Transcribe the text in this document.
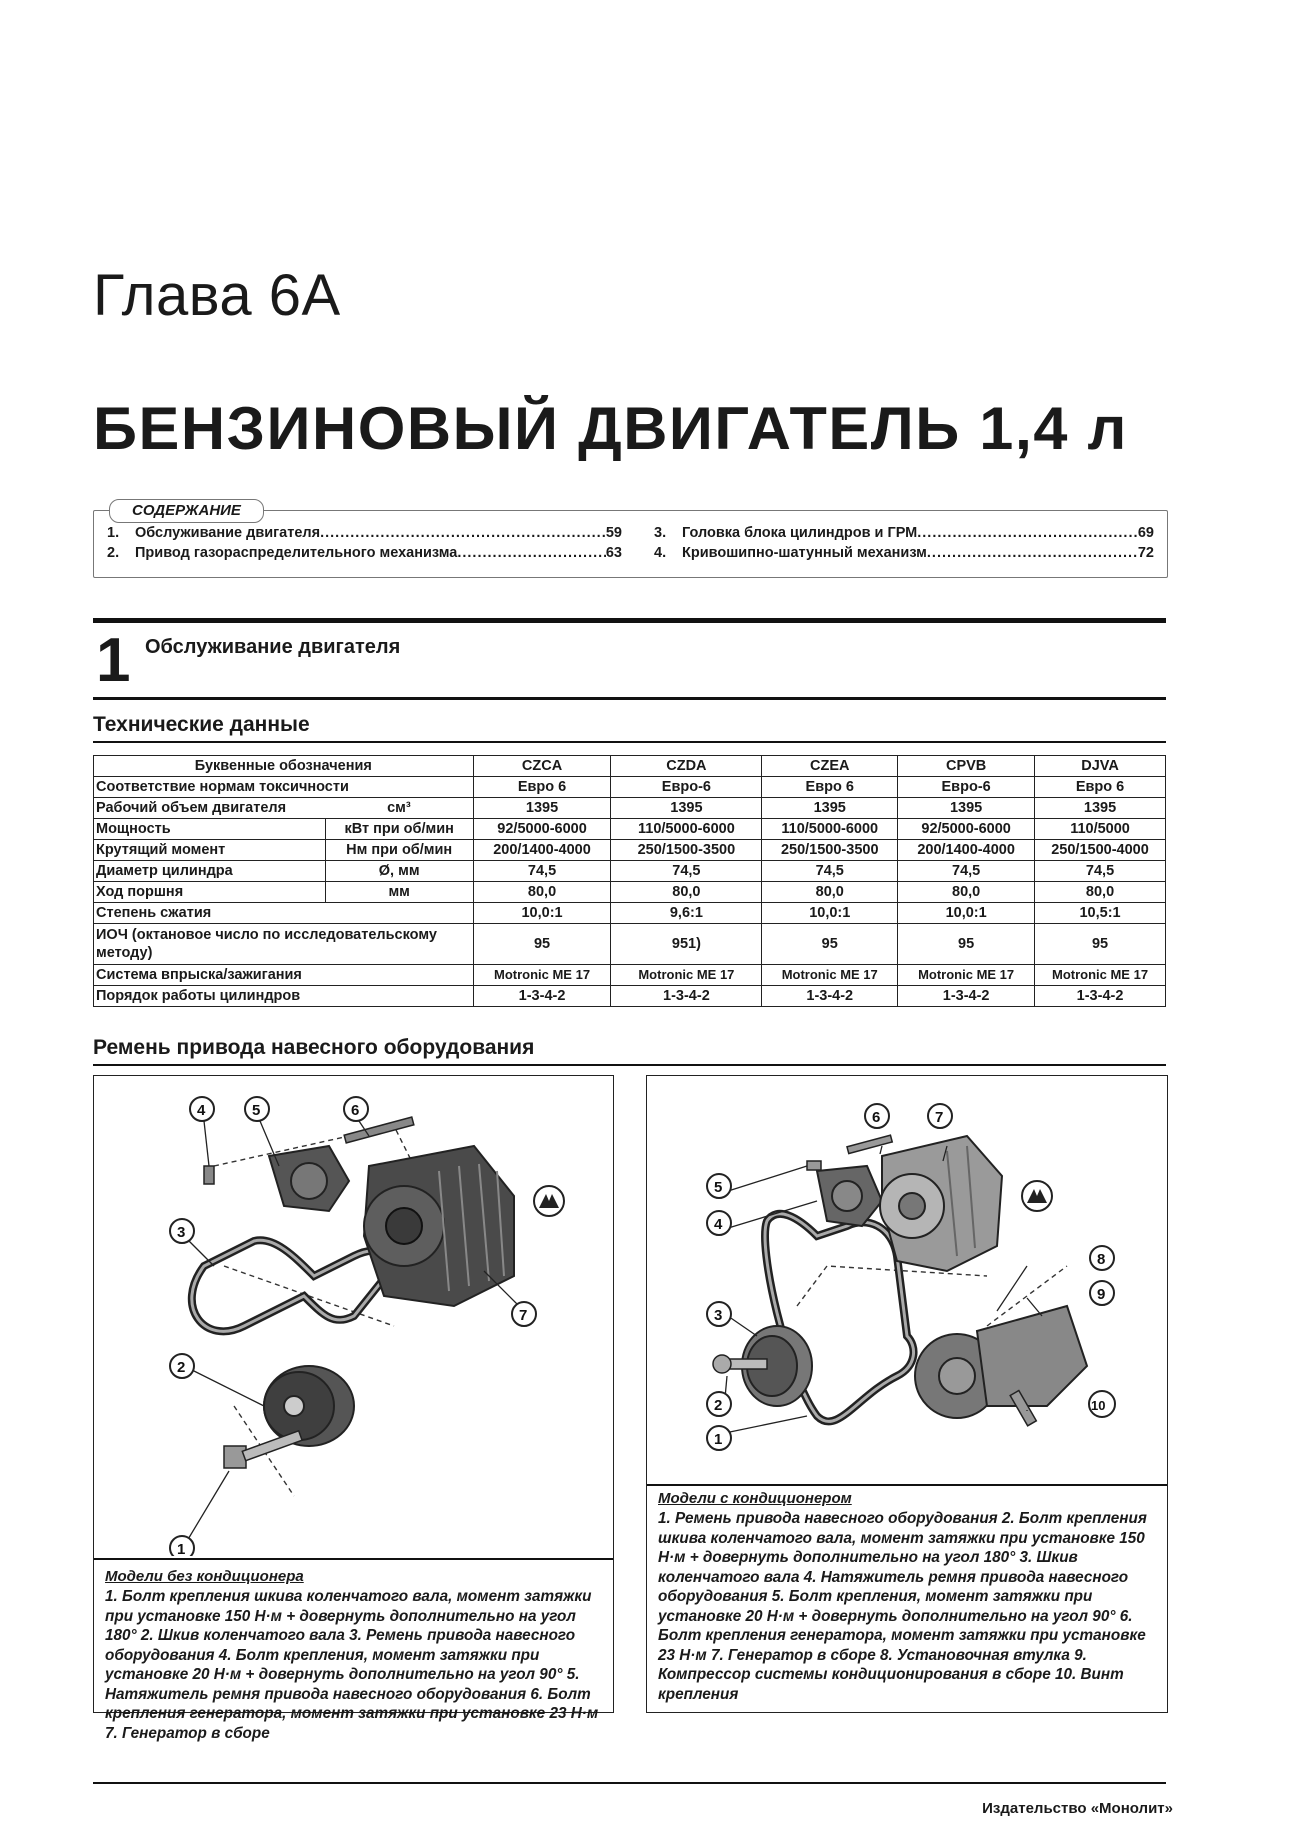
Глава 6А
БЕНЗИНОВЫЙ ДВИГАТЕЛЬ 1,4 л
СОДЕРЖАНИЕ
1.	Обслуживание двигателя .....	59
2.	Привод газораспределительного механизма .....	63
3.	Головка блока цилиндров и ГРМ .....	69
4.	Кривошипно-шатунный механизм .....	72
1 Обслуживание двигателя
Технические данные
Буквенные обозначения		CZCA	CZDA	CZEA	CPVB	DJVA
Соответствие нормам токсичности		Евро 6	Евро-6	Евро 6	Евро-6	Евро 6
Рабочий объем двигателя	см³	1395	1395	1395	1395	1395
Мощность	кВт при об/мин	92/5000-6000	110/5000-6000	110/5000-6000	92/5000-6000	110/5000
Крутящий момент	Нм при об/мин	200/1400-4000	250/1500-3500	250/1500-3500	200/1400-4000	250/1500-4000
Диаметр цилиндра	Ø, мм	74,5	74,5	74,5	74,5	74,5
Ход поршня	мм	80,0	80,0	80,0	80,0	80,0
Степень сжатия		10,0:1	9,6:1	10,0:1	10,0:1	10,5:1
ИОЧ (октановое число по исследовательскому методу)		95	951)	95	95	95
Система впрыска/зажигания		Motronic ME 17	Motronic ME 17	Motronic ME 17	Motronic ME 17	Motronic ME 17
Порядок работы цилиндров		1-3-4-2	1-3-4-2	1-3-4-2	1-3-4-2	1-3-4-2
Ремень привода навесного оборудования
3
2
1
4	5	6
7
Модели без кондиционера
1. Болт крепления шкива коленчатого вала, момент затяжки при установке 150 Н·м + довернуть дополнительно на угол 180° 2. Шкив коленчатого вала 3. Ремень привода навесного оборудования 4. Болт крепления, момент затяжки при установке 20 Н·м + довернуть дополнительно на угол 90° 5. Натяжитель ремня привода навесного оборудования 6. Болт крепления генератора, момент затяжки при установке 23 Н·м 7. Генератор в сборе
5
4
3
2
1
6	7
8
9
10
Модели с кондиционером
1. Ремень привода навесного оборудования 2. Болт крепления шкива коленчатого вала, момент затяжки при установке 150 Н·м + довернуть дополнительно на угол 180° 3. Шкив коленчатого вала 4. Натяжитель ремня привода навесного оборудования 5. Болт крепления, момент затяжки при установке 20 Н·м + довернуть дополнительно на угол 90° 6. Болт крепления генератора, момент затяжки при установке 23 Н·м 7. Генератор в сборе 8. Установочная втулка 9. Компрессор системы кондиционирования в сборе 10. Винт крепления
Издательство «Монолит»
